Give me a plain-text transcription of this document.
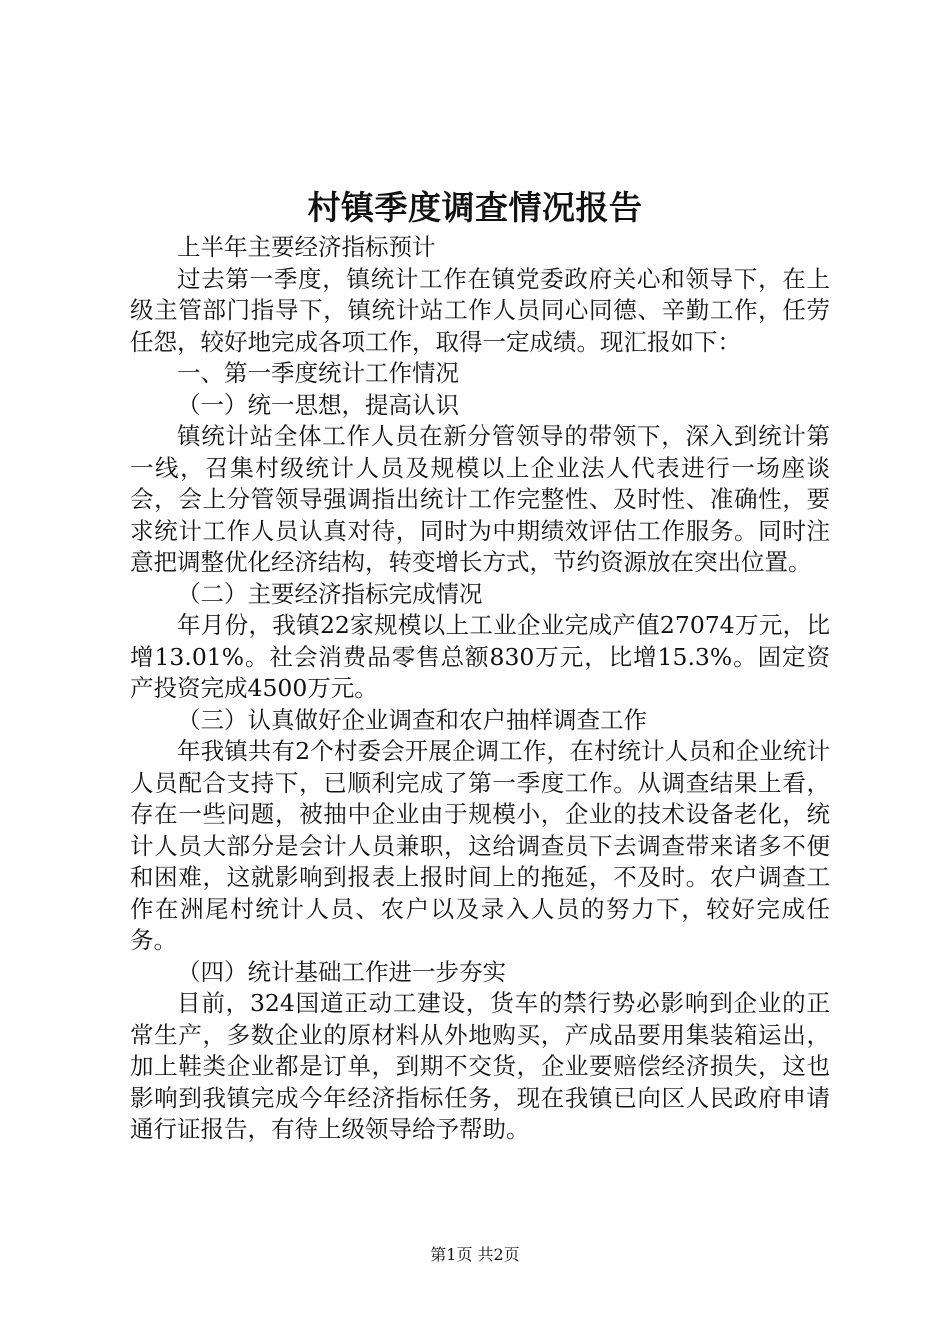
村镇季度调查情况报告

上半年主要经济指标预计

过去第一季度，镇统计工作在镇党委政府关心和领导下，在上级主管部门指导下，镇统计站工作人员同心同德、辛勤工作，任劳任怨，较好地完成各项工作，取得一定成绩。现汇报如下：

一、第一季度统计工作情况

（一）统一思想，提高认识

镇统计站全体工作人员在新分管领导的带领下，深入到统计第一线，召集村级统计人员及规模以上企业法人代表进行一场座谈会，会上分管领导强调指出统计工作完整性、及时性、准确性，要求统计工作人员认真对待，同时为中期绩效评估工作服务。同时注意把调整优化经济结构，转变增长方式，节约资源放在突出位置。

（二）主要经济指标完成情况

年月份，我镇22家规模以上工业企业完成产值27074万元，比增13.01%。社会消费品零售总额830万元，比增15.3%。固定资产投资完成4500万元。

（三）认真做好企业调查和农户抽样调查工作

年我镇共有2个村委会开展企调工作，在村统计人员和企业统计人员配合支持下，已顺利完成了第一季度工作。从调查结果上看，存在一些问题，被抽中企业由于规模小，企业的技术设备老化，统计人员大部分是会计人员兼职，这给调查员下去调查带来诸多不便和困难，这就影响到报表上报时间上的拖延，不及时。农户调查工作在洲尾村统计人员、农户以及录入人员的努力下，较好完成任务。

（四）统计基础工作进一步夯实

目前，324国道正动工建设，货车的禁行势必影响到企业的正常生产，多数企业的原材料从外地购买，产成品要用集装箱运出，加上鞋类企业都是订单，到期不交货，企业要赔偿经济损失，这也影响到我镇完成今年经济指标任务，现在我镇已向区人民政府申请通行证报告，有待上级领导给予帮助。

第1页 共2页
